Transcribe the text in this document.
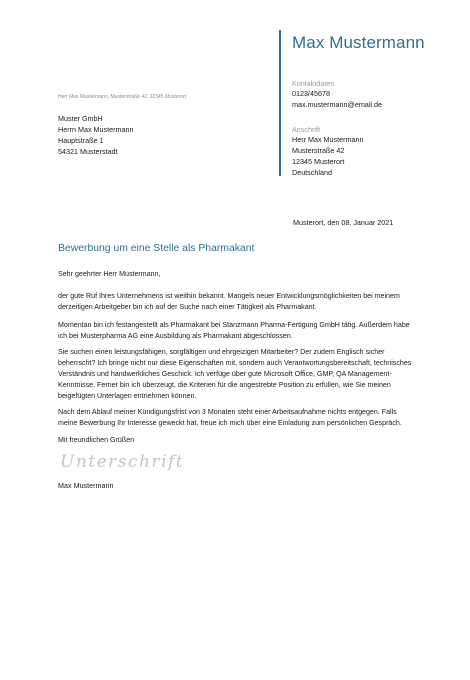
Max Mustermann
Kontaktdaten
0123/45678
max.mustermann@email.de
Anschrift
Herr Max Mustermann
Musterstraße 42
12345 Musterort
Deutschland
Herr Max Mustermann, Musterstraße 42, 12345 Musterort
Muster GmbH
Herrn Max Mustermann
Hauptstraße 1
54321 Musterstadt
Musterort, den 08. Januar 2021
Bewerbung um eine Stelle als Pharmakant
Sehr geehrter Herr Mustermann,
der gute Ruf Ihres Unternehmens ist weithin bekannt. Mangels neuer Entwicklungsmöglichkeiten bei meinem derzeitigen Arbeitgeber bin ich auf der Suche nach einer Tätigkeit als Pharmakant.
Momentan bin ich festangestellt als Pharmakant bei Stanzmann Pharma-Fertigung GmbH tätig. Außerdem habe ich bei Musterpharma AG eine Ausbildung als Pharmakant abgeschlossen.
Sie suchen einen leistungsfähigen, sorgfältigen und ehrgeizigen Mitarbeiter? Der zudem Englisch sicher beherrscht? Ich bringe nicht nur diese Eigenschaften mit, sondern auch Verantwortungsbereitschaft, technisches Verständnis und handwerkliches Geschick. Ich verfüge über gute Microsoft Office, GMP, QA Management-Kenntnisse. Ferner bin ich überzeugt, die Kriterien für die angestrebte Position zu erfüllen, wie Sie meinen beigefügten Unterlagen entnehmen können.
Nach dem Ablauf meiner Kündigungsfrist von 3 Monaten steht einer Arbeitsaufnahme nichts entgegen. Falls meine Bewerbung Ihr Interesse geweckt hat, freue ich mich über eine Einladung zum persönlichen Gespräch.
Mit freundlichen Grüßen
Unterschrift
Max Mustermann
